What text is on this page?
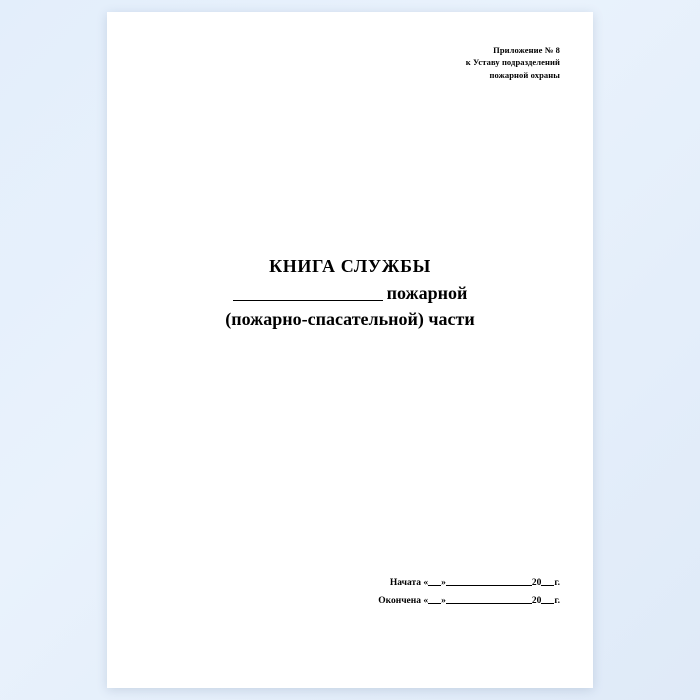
Приложение № 8
к Уставу подразделений
пожарной охраны
КНИГА СЛУЖБЫ
пожарной
(пожарно-спасательной) части
Начата « »	20 г.
Окончена « »	20 г.
